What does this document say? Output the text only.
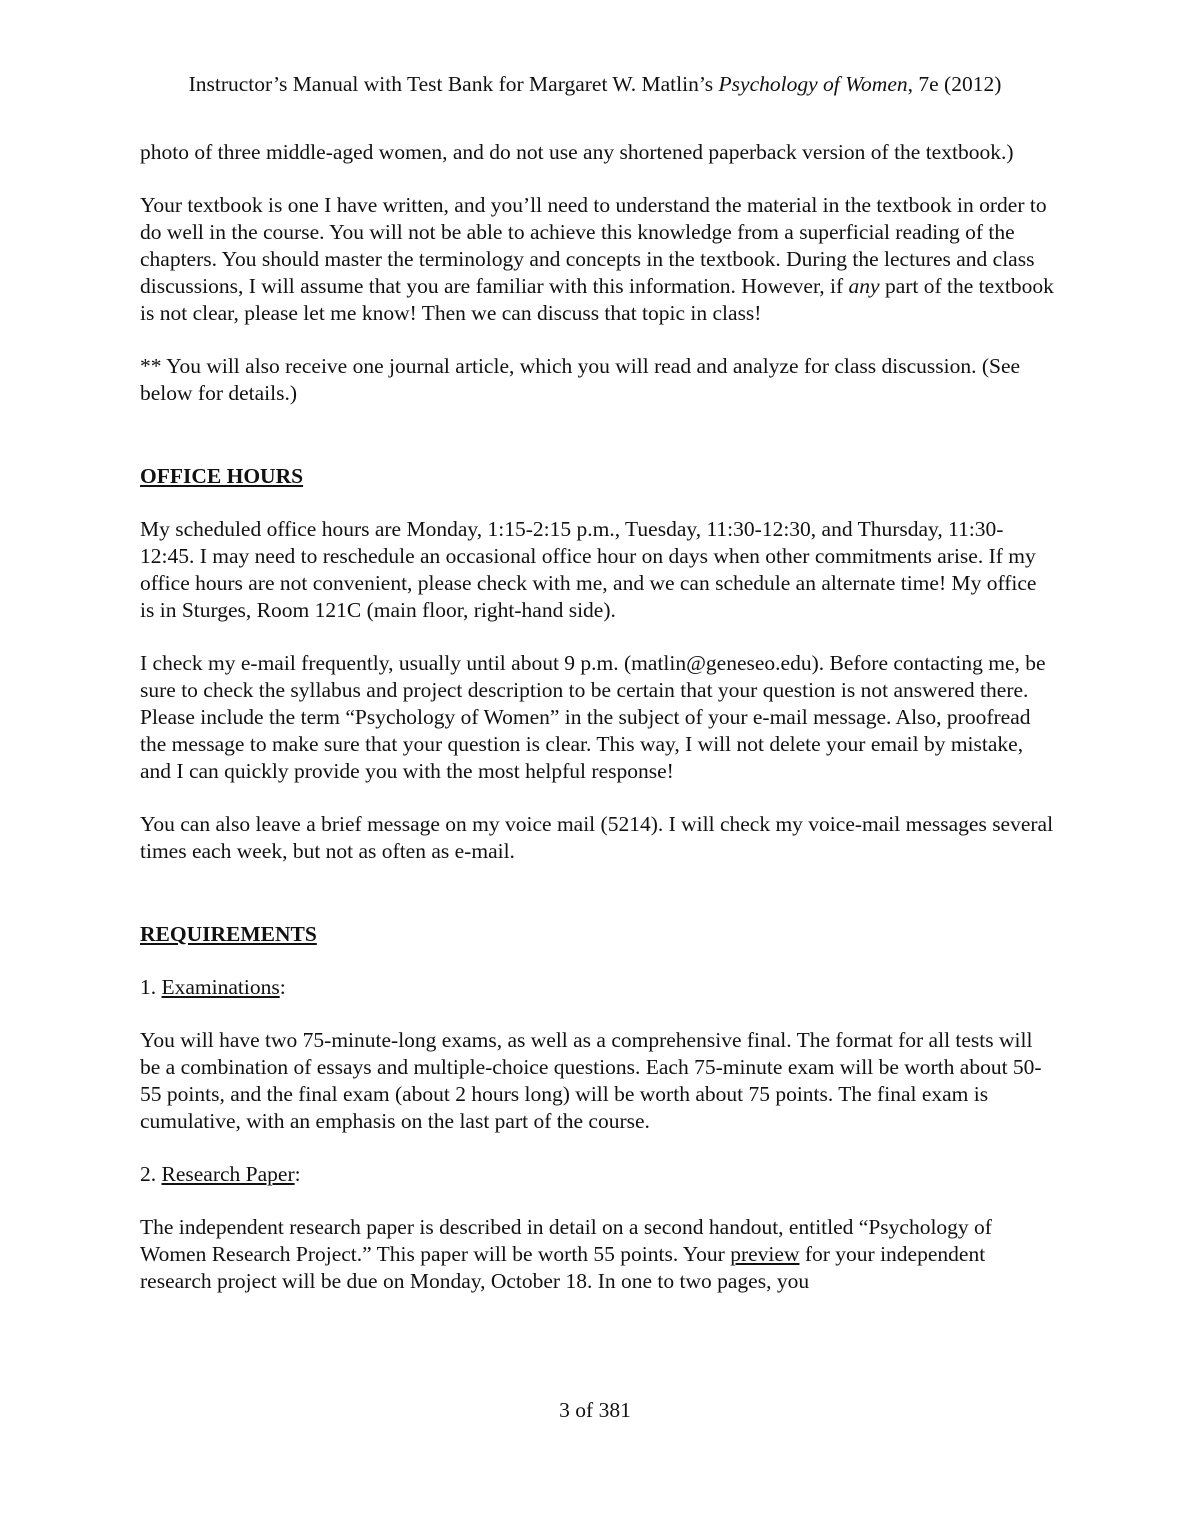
Instructor’s Manual with Test Bank for Margaret W. Matlin’s Psychology of Women, 7e (2012)

photo of three middle-aged women, and do not use any shortened paperback version of the textbook.)

Your textbook is one I have written, and you’ll need to understand the material in the textbook in order to do well in the course. You will not be able to achieve this knowledge from a superficial reading of the chapters. You should master the terminology and concepts in the textbook. During the lectures and class discussions, I will assume that you are familiar with this information. However, if any part of the textbook is not clear, please let me know! Then we can discuss that topic in class!

** You will also receive one journal article, which you will read and analyze for class discussion. (See below for details.)

OFFICE HOURS

My scheduled office hours are Monday, 1:15-2:15 p.m., Tuesday, 11:30-12:30, and Thursday, 11:30-12:45. I may need to reschedule an occasional office hour on days when other commitments arise. If my office hours are not convenient, please check with me, and we can schedule an alternate time! My office is in Sturges, Room 121C (main floor, right-hand side).

I check my e-mail frequently, usually until about 9 p.m. (matlin@geneseo.edu). Before contacting me, be sure to check the syllabus and project description to be certain that your question is not answered there. Please include the term “Psychology of Women” in the subject of your e-mail message. Also, proofread the message to make sure that your question is clear. This way, I will not delete your email by mistake, and I can quickly provide you with the most helpful response!

You can also leave a brief message on my voice mail (5214). I will check my voice-mail messages several times each week, but not as often as e-mail.

REQUIREMENTS

1. Examinations:

You will have two 75-minute-long exams, as well as a comprehensive final. The format for all tests will be a combination of essays and multiple-choice questions. Each 75-minute exam will be worth about 50-55 points, and the final exam (about 2 hours long) will be worth about 75 points. The final exam is cumulative, with an emphasis on the last part of the course.

2. Research Paper:

The independent research paper is described in detail on a second handout, entitled “Psychology of Women Research Project.” This paper will be worth 55 points. Your preview for your independent research project will be due on Monday, October 18. In one to two pages, you

3 of 381
